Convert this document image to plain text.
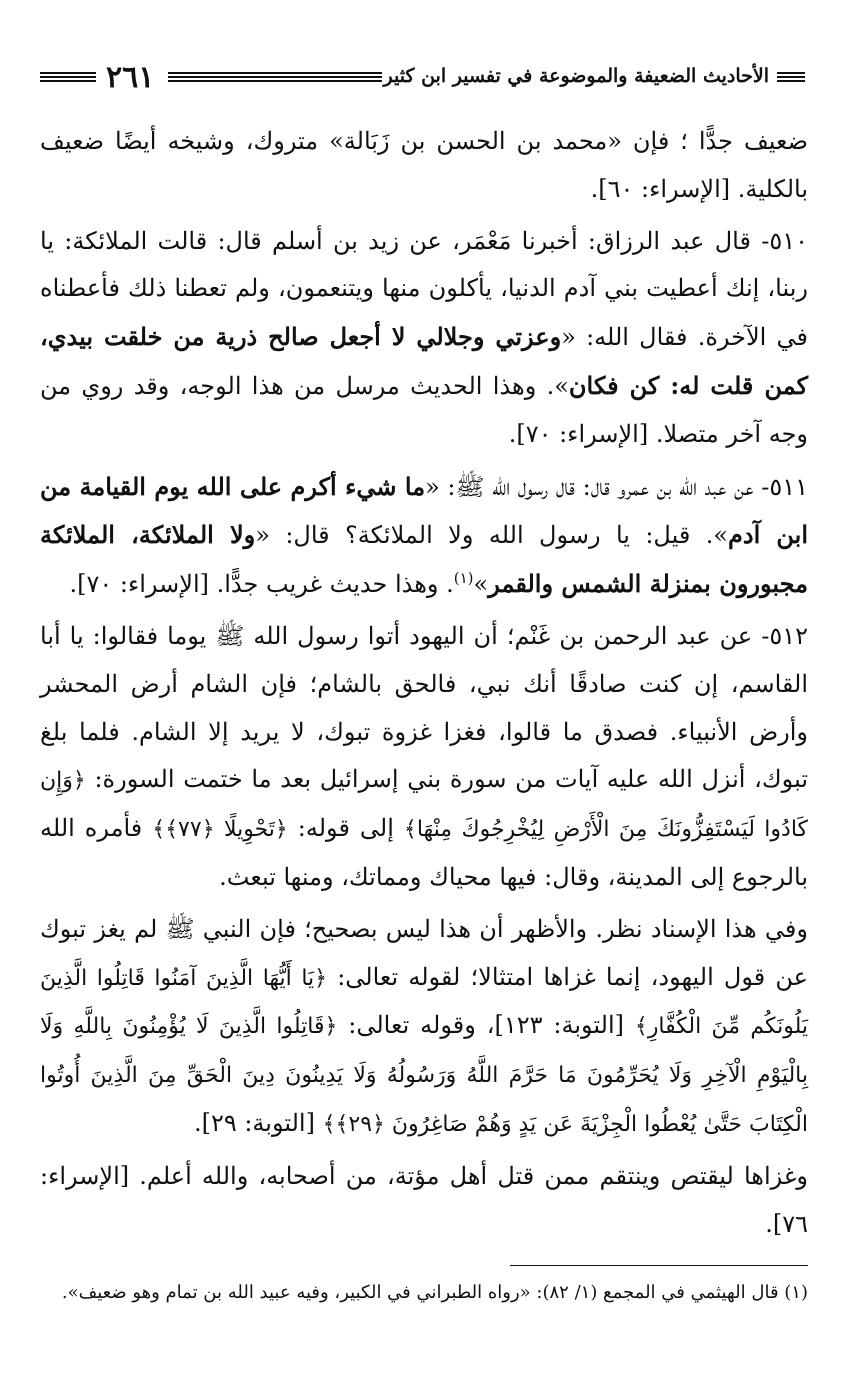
٢٦١	الأحاديث الضعيفة والموضوعة في تفسير ابن كثير

ضعيف جدًّا ؛ فإن «محمد بن الحسن بن زَبَالة» متروك، وشيخه أيضًا ضعيف بالكلية. [الإسراء: ٦٠].

٥١٠- قال عبد الرزاق: أخبرنا مَعْمَر، عن زيد بن أسلم قال: قالت الملائكة: يا ربنا، إنك أعطيت بني آدم الدنيا، يأكلون منها ويتنعمون، ولم تعطنا ذلك فأعطناه في الآخرة. فقال الله: «وعزتي وجلالي لا أجعل صالح ذرية من خلقت بيدي، كمن قلت له: كن فكان». وهذا الحديث مرسل من هذا الوجه، وقد روي من وجه آخر متصلا. [الإسراء: ٧٠].

٥١١- عن عبد الله بن عمرو قال: قال رسول الله ﷺ: «ما شيء أكرم على الله يوم القيامة من ابن آدم». قيل: يا رسول الله ولا الملائكة؟ قال: «ولا الملائكة، الملائكة مجبورون بمنزلة الشمس والقمر»$^{(١)}$. وهذا حديث غريب جدًّا. [الإسراء: ٧٠].

٥١٢- عن عبد الرحمن بن غَنْم؛ أن اليهود أتوا رسول الله ﷺ يوما فقالوا: يا أبا القاسم، إن كنت صادقًا أنك نبي، فالحق بالشام؛ فإن الشام أرض المحشر وأرض الأنبياء. فصدق ما قالوا، فغزا غزوة تبوك، لا يريد إلا الشام. فلما بلغ تبوك، أنزل الله عليه آيات من سورة بني إسرائيل بعد ما ختمت السورة: ﴿وَإِن كَادُوا لَيَسْتَفِزُّونَكَ مِنَ الْأَرْضِ لِيُخْرِجُوكَ مِنْهَا﴾ إلى قوله: ﴿تَحْوِيلًا ﴿٧٧﴾﴾ فأمره الله بالرجوع إلى المدينة، وقال: فيها محياك ومماتك، ومنها تبعث.

وفي هذا الإسناد نظر. والأظهر أن هذا ليس بصحيح؛ فإن النبي ﷺ لم يغز تبوك عن قول اليهود، إنما غزاها امتثالا؛ لقوله تعالى: ﴿يَا أَيُّهَا الَّذِينَ آمَنُوا قَاتِلُوا الَّذِينَ يَلُونَكُم مِّنَ الْكُفَّارِ﴾ [التوبة: ١٢٣]، وقوله تعالى: ﴿قَاتِلُوا الَّذِينَ لَا يُؤْمِنُونَ بِاللَّهِ وَلَا بِالْيَوْمِ الْآخِرِ وَلَا يُحَرِّمُونَ مَا حَرَّمَ اللَّهُ وَرَسُولُهُ وَلَا يَدِينُونَ دِينَ الْحَقِّ مِنَ الَّذِينَ أُوتُوا الْكِتَابَ حَتَّىٰ يُعْطُوا الْجِزْيَةَ عَن يَدٍ وَهُمْ صَاغِرُونَ ﴿٢٩﴾﴾ [التوبة: ٢٩].

وغزاها ليقتص وينتقم ممن قتل أهل مؤتة، من أصحابه، والله أعلم. [الإسراء: ٧٦].

(١) قال الهيثمي في المجمع (١/ ٨٢): «رواه الطبراني في الكبير، وفيه عبيد الله بن تمام وهو ضعيف».
